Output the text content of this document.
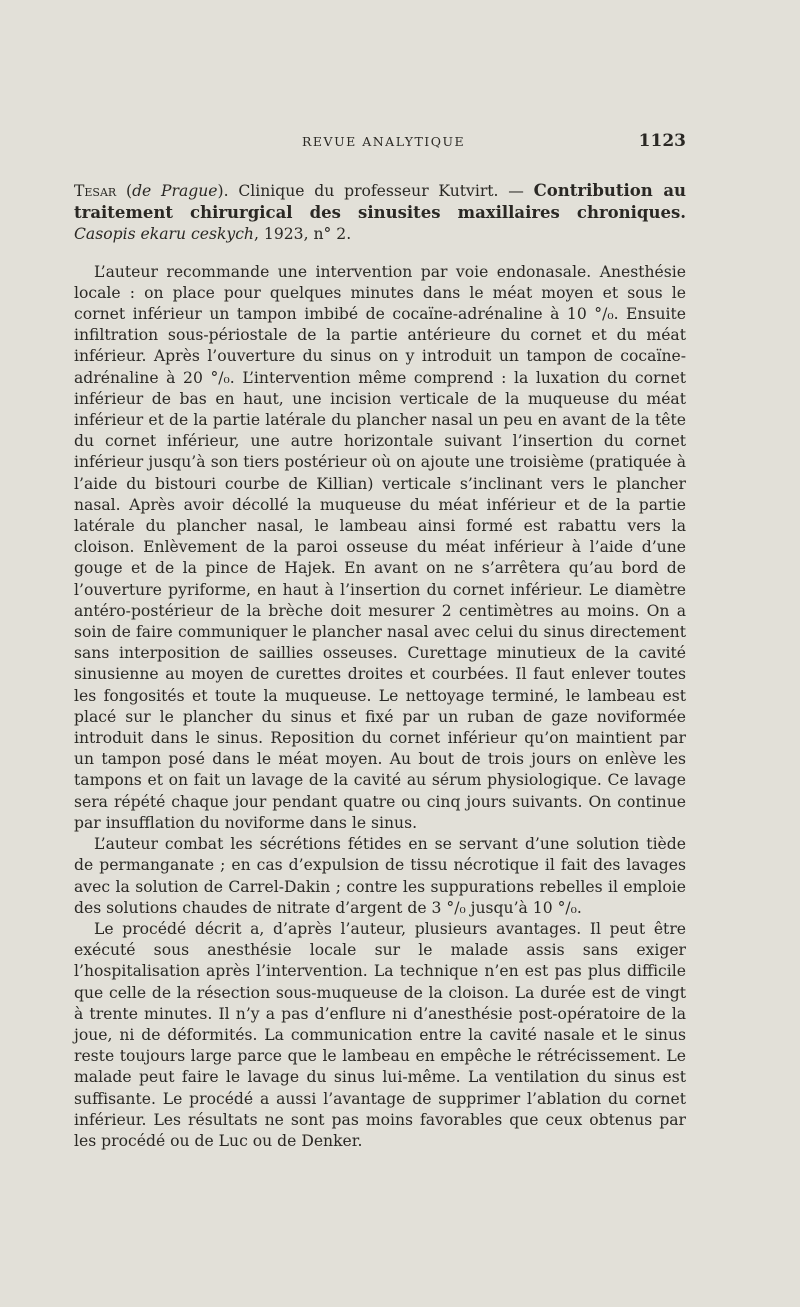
REVUE ANALYTIQUE	1123

Tesar (de Prague). Clinique du professeur Kutvirt. — Contribution au traitement chirurgical des sinusites maxillaires chroniques. Casopis ekaru ceskych, 1923, n° 2.

L’auteur recommande une intervention par voie endonasale. Anesthésie locale : on place pour quelques minutes dans le méat moyen et sous le cornet inférieur un tampon imbibé de cocaïne-adrénaline à 10 °/₀. Ensuite infiltration sous-périostale de la partie antérieure du cornet et du méat inférieur. Après l’ouverture du sinus on y introduit un tampon de cocaïne-adrénaline à 20 °/₀. L’intervention même comprend : la luxation du cornet inférieur de bas en haut, une incision verticale de la muqueuse du méat inférieur et de la partie latérale du plancher nasal un peu en avant de la tête du cornet inférieur, une autre horizontale suivant l’insertion du cornet inférieur jusqu’à son tiers postérieur où on ajoute une troisième (pratiquée à l’aide du bistouri courbe de Killian) verticale s’inclinant vers le plancher nasal. Après avoir décollé la muqueuse du méat inférieur et de la partie latérale du plancher nasal, le lambeau ainsi formé est rabattu vers la cloison. Enlèvement de la paroi osseuse du méat inférieur à l’aide d’une gouge et de la pince de Hajek. En avant on ne s’arrêtera qu’au bord de l’ouverture pyriforme, en haut à l’insertion du cornet inférieur. Le diamètre antéro-postérieur de la brèche doit mesurer 2 centimètres au moins. On a soin de faire communiquer le plancher nasal avec celui du sinus directement sans interposition de saillies osseuses. Curettage minutieux de la cavité sinusienne au moyen de curettes droites et courbées. Il faut enlever toutes les fongosités et toute la muqueuse. Le nettoyage terminé, le lambeau est placé sur le plancher du sinus et fixé par un ruban de gaze noviformée introduit dans le sinus. Reposition du cornet inférieur qu’on maintient par un tampon posé dans le méat moyen. Au bout de trois jours on enlève les tampons et on fait un lavage de la cavité au sérum physiologique. Ce lavage sera répété chaque jour pendant quatre ou cinq jours suivants. On continue par insufflation du noviforme dans le sinus.

L’auteur combat les sécrétions fétides en se servant d’une solution tiède de permanganate ; en cas d’expulsion de tissu nécrotique il fait des lavages avec la solution de Carrel-Dakin ; contre les suppurations rebelles il emploie des solutions chaudes de nitrate d’argent de 3 °/₀ jusqu’à 10 °/₀.

Le procédé décrit a, d’après l’auteur, plusieurs avantages. Il peut être exécuté sous anesthésie locale sur le malade assis sans exiger l’hospitalisation après l’intervention. La technique n’en est pas plus difficile que celle de la résection sous-muqueuse de la cloison. La durée est de vingt à trente minutes. Il n’y a pas d’enflure ni d’anesthésie post-opératoire de la joue, ni de déformités. La communication entre la cavité nasale et le sinus reste toujours large parce que le lambeau en empêche le rétrécissement. Le malade peut faire le lavage du sinus lui-même. La ventilation du sinus est suffisante. Le procédé a aussi l’avantage de supprimer l’ablation du cornet inférieur. Les résultats ne sont pas moins favorables que ceux obtenus par les procédé ou de Luc ou de Denker.
